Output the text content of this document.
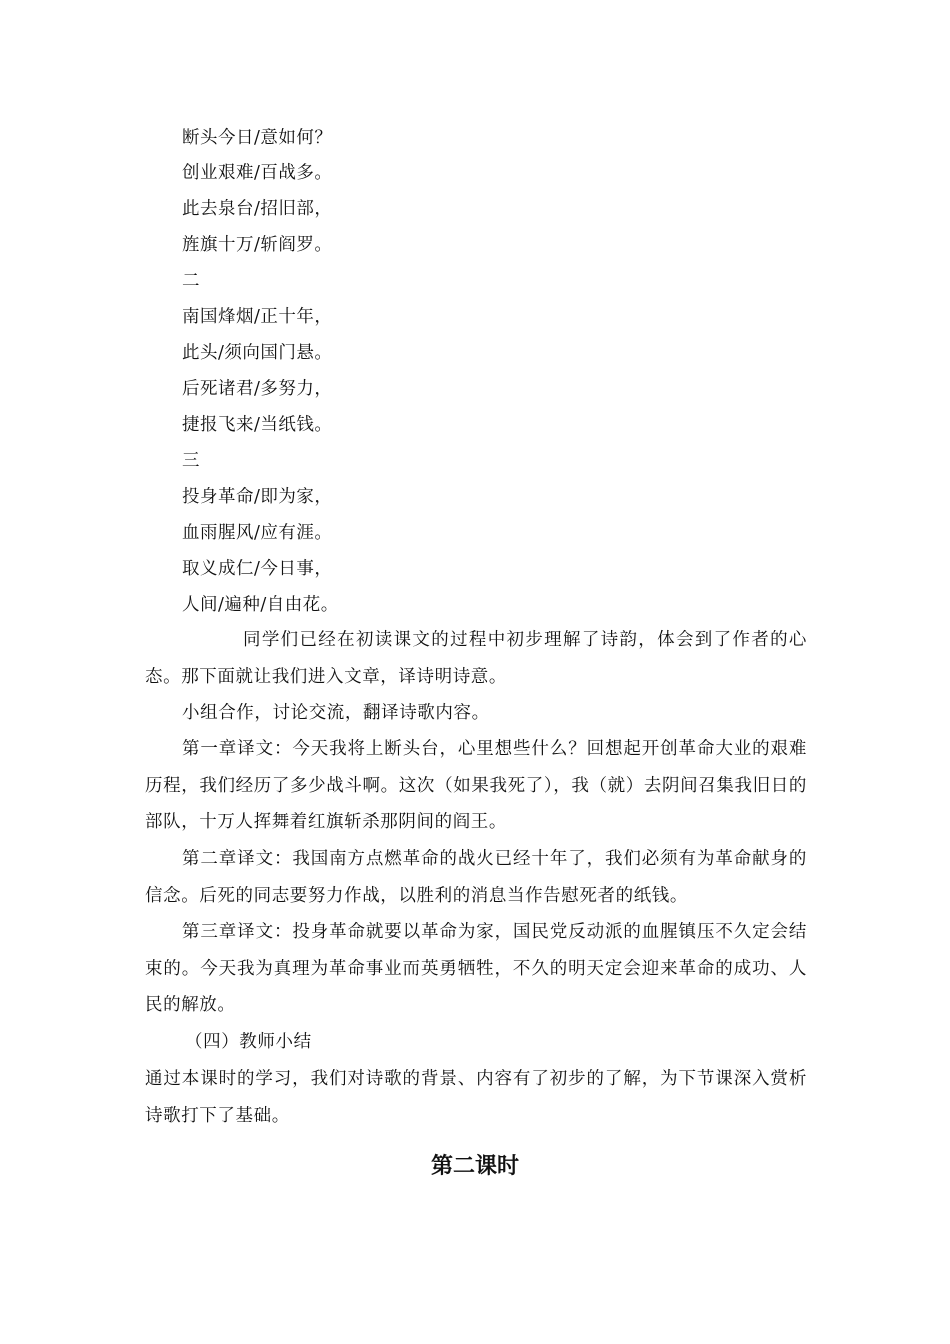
断头今日/意如何？
创业艰难/百战多。
此去泉台/招旧部，
旌旗十万/斩阎罗。
二
南国烽烟/正十年，
此头/须向国门悬。
后死诸君/多努力，
捷报飞来/当纸钱。
三
投身革命/即为家，
血雨腥风/应有涯。
取义成仁/今日事，
人间/遍种/自由花。
同学们已经在初读课文的过程中初步理解了诗韵，体会到了作者的心态。那下面就让我们进入文章，译诗明诗意。
小组合作，讨论交流，翻译诗歌内容。
第一章译文：今天我将上断头台，心里想些什么？回想起开创革命大业的艰难历程，我们经历了多少战斗啊。这次（如果我死了），我（就）去阴间召集我旧日的部队，十万人挥舞着红旗斩杀那阴间的阎王。
第二章译文：我国南方点燃革命的战火已经十年了，我们必须有为革命献身的信念。后死的同志要努力作战，以胜利的消息当作告慰死者的纸钱。
第三章译文：投身革命就要以革命为家，国民党反动派的血腥镇压不久定会结束的。今天我为真理为革命事业而英勇牺牲，不久的明天定会迎来革命的成功、人民的解放。
（四）教师小结
通过本课时的学习，我们对诗歌的背景、内容有了初步的了解，为下节课深入赏析诗歌打下了基础。
第二课时
